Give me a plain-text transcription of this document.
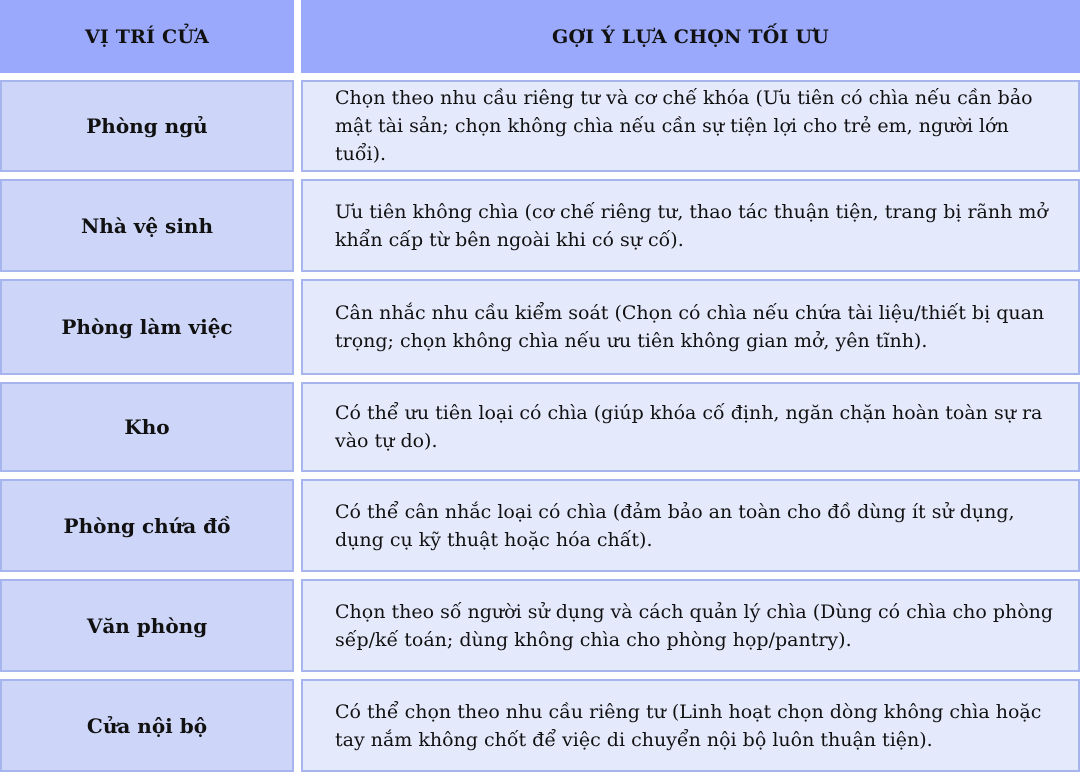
VỊ TRÍ CỬA	GỢI Ý LỰA CHỌN TỐI ƯU
Phòng ngủ
Chọn theo nhu cầu riêng tư và cơ chế khóa (Ưu tiên có chìa nếu cần bảo mật tài sản; chọn không chìa nếu cần sự tiện lợi cho trẻ em, người lớn tuổi).
Nhà vệ sinh
Ưu tiên không chìa (cơ chế riêng tư, thao tác thuận tiện, trang bị rãnh mở khẩn cấp từ bên ngoài khi có sự cố).
Phòng làm việc
Cân nhắc nhu cầu kiểm soát (Chọn có chìa nếu chứa tài liệu/thiết bị quan trọng; chọn không chìa nếu ưu tiên không gian mở, yên tĩnh).
Kho
Có thể ưu tiên loại có chìa (giúp khóa cố định, ngăn chặn hoàn toàn sự ra vào tự do).
Phòng chứa đồ
Có thể cân nhắc loại có chìa (đảm bảo an toàn cho đồ dùng ít sử dụng, dụng cụ kỹ thuật hoặc hóa chất).
Văn phòng
Chọn theo số người sử dụng và cách quản lý chìa (Dùng có chìa cho phòng sếp/kế toán; dùng không chìa cho phòng họp/pantry).
Cửa nội bộ
Có thể chọn theo nhu cầu riêng tư (Linh hoạt chọn dòng không chìa hoặc tay nắm không chốt để việc di chuyển nội bộ luôn thuận tiện).
